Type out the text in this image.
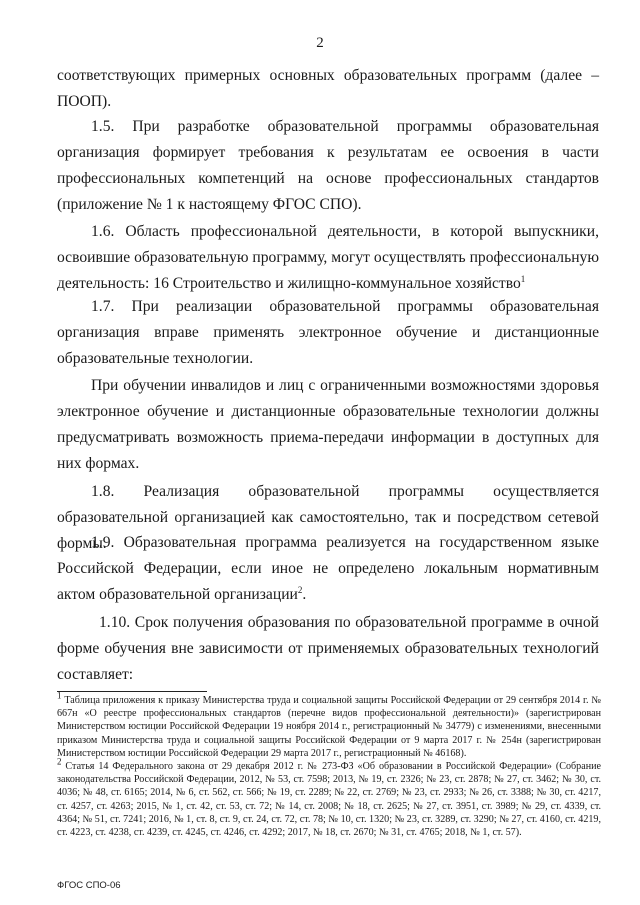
2

соответствующих примерных основных образовательных программ (далее – ПООП).

1.5. При разработке образовательной программы образовательная организация формирует требования к результатам ее освоения в части профессиональных компетенций на основе профессиональных стандартов (приложение № 1 к настоящему ФГОС СПО).

1.6. Область профессиональной деятельности, в которой выпускники, освоившие образовательную программу, могут осуществлять профессиональную деятельность: 16 Строительство и жилищно-коммунальное хозяйство$^1$

1.7. При реализации образовательной программы образовательная организация вправе применять электронное обучение и дистанционные образовательные технологии.

При обучении инвалидов и лиц с ограниченными возможностями здоровья электронное обучение и дистанционные образовательные технологии должны предусматривать возможность приема-передачи информации в доступных для них формах.

1.8. Реализация образовательной программы осуществляется образовательной организацией как самостоятельно, так и посредством сетевой формы.

1.9. Образовательная программа реализуется на государственном языке Российской Федерации, если иное не определено локальным нормативным актом образовательной организации$^2$.

1.10. Срок получения образования по образовательной программе в очной форме обучения вне зависимости от применяемых образовательных технологий составляет:

$^1$ Таблица приложения к приказу Министерства труда и социальной защиты Российской Федерации от 29 сентября 2014 г. № 667н «О реестре профессиональных стандартов (перечне видов профессиональной деятельности)» (зарегистрирован Министерством юстиции Российской Федерации 19 ноября 2014 г., регистрационный № 34779) с изменениями, внесенными приказом Министерства труда и социальной защиты Российской Федерации от 9 марта 2017 г. № 254н (зарегистрирован Министерством юстиции Российской Федерации 29 марта 2017 г., регистрационный № 46168).

$^2$ Статья 14 Федерального закона от 29 декабря 2012 г. № 273-ФЗ «Об образовании в Российской Федерации» (Собрание законодательства Российской Федерации, 2012, № 53, ст. 7598; 2013, № 19, ст. 2326; № 23, ст. 2878; № 27, ст. 3462; № 30, ст. 4036; № 48, ст. 6165; 2014, № 6, ст. 562, ст. 566; № 19, ст. 2289; № 22, ст. 2769; № 23, ст. 2933; № 26, ст. 3388; № 30, ст. 4217, ст. 4257, ст. 4263; 2015, № 1, ст. 42, ст. 53, ст. 72; № 14, ст. 2008; № 18, ст. 2625; № 27, ст. 3951, ст. 3989; № 29, ст. 4339, ст. 4364; № 51, ст. 7241; 2016, № 1, ст. 8, ст. 9, ст. 24, ст. 72, ст. 78; № 10, ст. 1320; № 23, ст. 3289, ст. 3290; № 27, ст. 4160, ст. 4219, ст. 4223, ст. 4238, ст. 4239, ст. 4245, ст. 4246, ст. 4292; 2017, № 18, ст. 2670; № 31, ст. 4765; 2018, № 1, ст. 57).

ФГОС СПО-06
